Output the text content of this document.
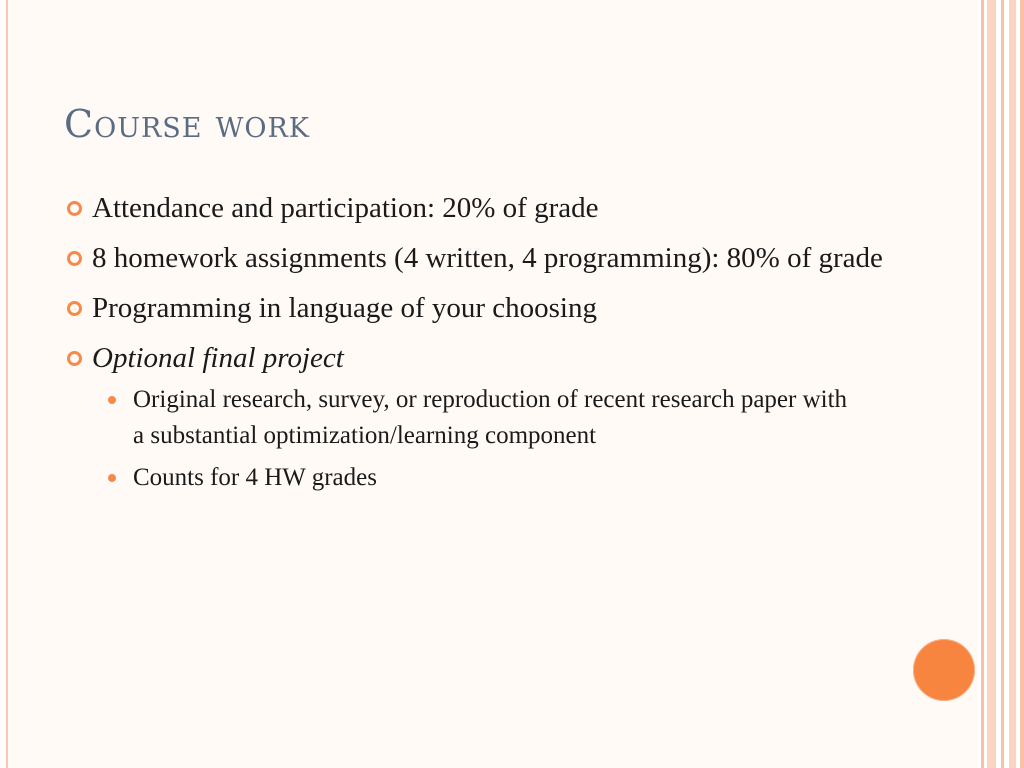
Course work
Attendance and participation: 20% of grade
8 homework assignments (4 written, 4 programming): 80% of grade
Programming in language of your choosing
Optional final project
Original research, survey, or reproduction of recent research paper with a substantial optimization/learning component
Counts for 4 HW grades
